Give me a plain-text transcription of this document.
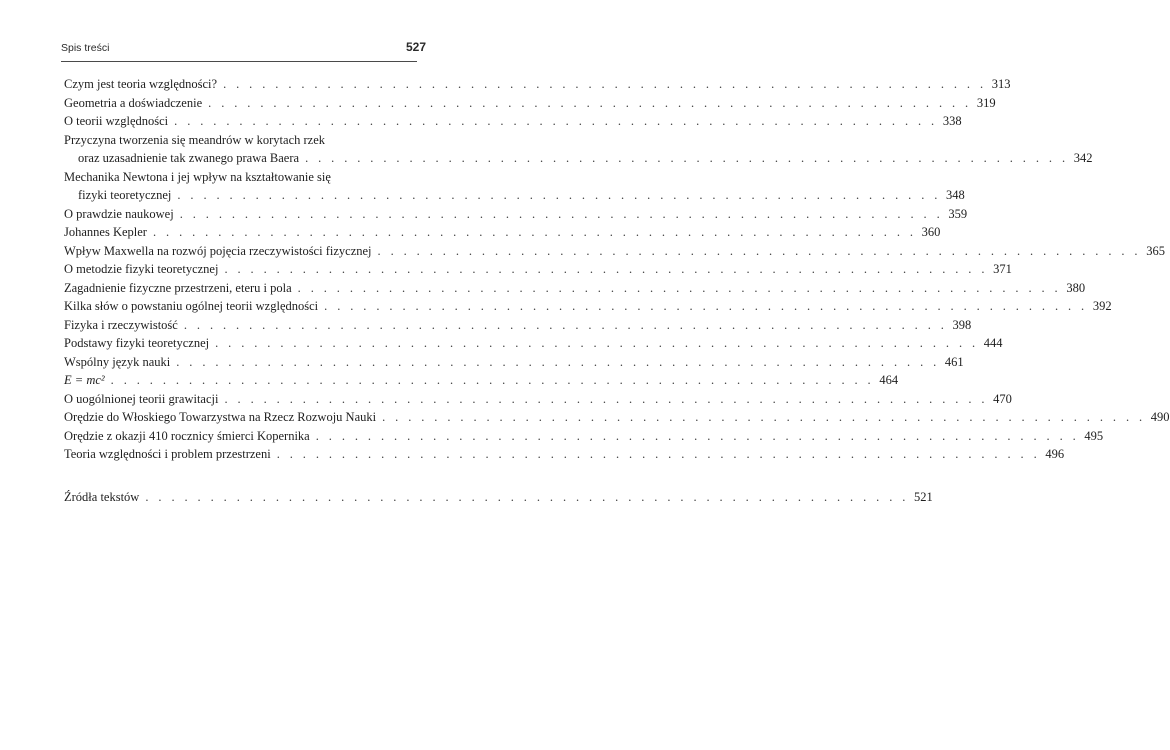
Spis treści	527
Czym jest teoria względności? . . . . . . . . . . . . . . . . . . . . . . . . . . . . . . . . . . . . . . . . . . . . . . . . . . . . . . . . . . . 313
Geometria a doświadczenie . . . . . . . . . . . . . . . . . . . . . . . . . . . . . . . . . . . . . . . . . . . . . . . . . . . . . . . . . . . 319
O teorii względności . . . . . . . . . . . . . . . . . . . . . . . . . . . . . . . . . . . . . . . . . . . . . . . . . . . . . . . . . . . 338
Przyczyna tworzenia się meandrów w korytach rzek
oraz uzasadnienie tak zwanego prawa Baera . . . . . . . . . . . . . . . . . . . . . . . . . . . . . . . . . . . . . . . . . . . . . . . . . . . . . . . . . . . 342
Mechanika Newtona i jej wpływ na kształtowanie się
fizyki teoretycznej . . . . . . . . . . . . . . . . . . . . . . . . . . . . . . . . . . . . . . . . . . . . . . . . . . . . . . . . . . . 348
O prawdzie naukowej . . . . . . . . . . . . . . . . . . . . . . . . . . . . . . . . . . . . . . . . . . . . . . . . . . . . . . . . . . . 359
Johannes Kepler . . . . . . . . . . . . . . . . . . . . . . . . . . . . . . . . . . . . . . . . . . . . . . . . . . . . . . . . . . . 360
Wpływ Maxwella na rozwój pojęcia rzeczywistości fizycznej . . . . . . . . . . . . . . . . . . . . . . . . . . . . . . . . . . . . . . . . . . . . . . . . . . . . . . . . . . . 365
O metodzie fizyki teoretycznej . . . . . . . . . . . . . . . . . . . . . . . . . . . . . . . . . . . . . . . . . . . . . . . . . . . . . . . . . . . 371
Zagadnienie fizyczne przestrzeni, eteru i pola . . . . . . . . . . . . . . . . . . . . . . . . . . . . . . . . . . . . . . . . . . . . . . . . . . . . . . . . . . . 380
Kilka słów o powstaniu ogólnej teorii względności . . . . . . . . . . . . . . . . . . . . . . . . . . . . . . . . . . . . . . . . . . . . . . . . . . . . . . . . . . . 392
Fizyka i rzeczywistość . . . . . . . . . . . . . . . . . . . . . . . . . . . . . . . . . . . . . . . . . . . . . . . . . . . . . . . . . . . 398
Podstawy fizyki teoretycznej . . . . . . . . . . . . . . . . . . . . . . . . . . . . . . . . . . . . . . . . . . . . . . . . . . . . . . . . . . . 444
Wspólny język nauki . . . . . . . . . . . . . . . . . . . . . . . . . . . . . . . . . . . . . . . . . . . . . . . . . . . . . . . . . . . 461
E = mc² . . . . . . . . . . . . . . . . . . . . . . . . . . . . . . . . . . . . . . . . . . . . . . . . . . . . . . . . . . . 464
O uogólnionej teorii grawitacji . . . . . . . . . . . . . . . . . . . . . . . . . . . . . . . . . . . . . . . . . . . . . . . . . . . . . . . . . . . 470
Orędzie do Włoskiego Towarzystwa na Rzecz Rozwoju Nauki . . . . . . . . . . . . . . . . . . . . . . . . . . . . . . . . . . . . . . . . . . . . . . . . . . . . . . . . . . . 490
Orędzie z okazji 410 rocznicy śmierci Kopernika . . . . . . . . . . . . . . . . . . . . . . . . . . . . . . . . . . . . . . . . . . . . . . . . . . . . . . . . . . . 495
Teoria względności i problem przestrzeni . . . . . . . . . . . . . . . . . . . . . . . . . . . . . . . . . . . . . . . . . . . . . . . . . . . . . . . . . . . 496
Źródła tekstów . . . . . . . . . . . . . . . . . . . . . . . . . . . . . . . . . . . . . . . . . . . . . . . . . . . . . . . . . . . 521
